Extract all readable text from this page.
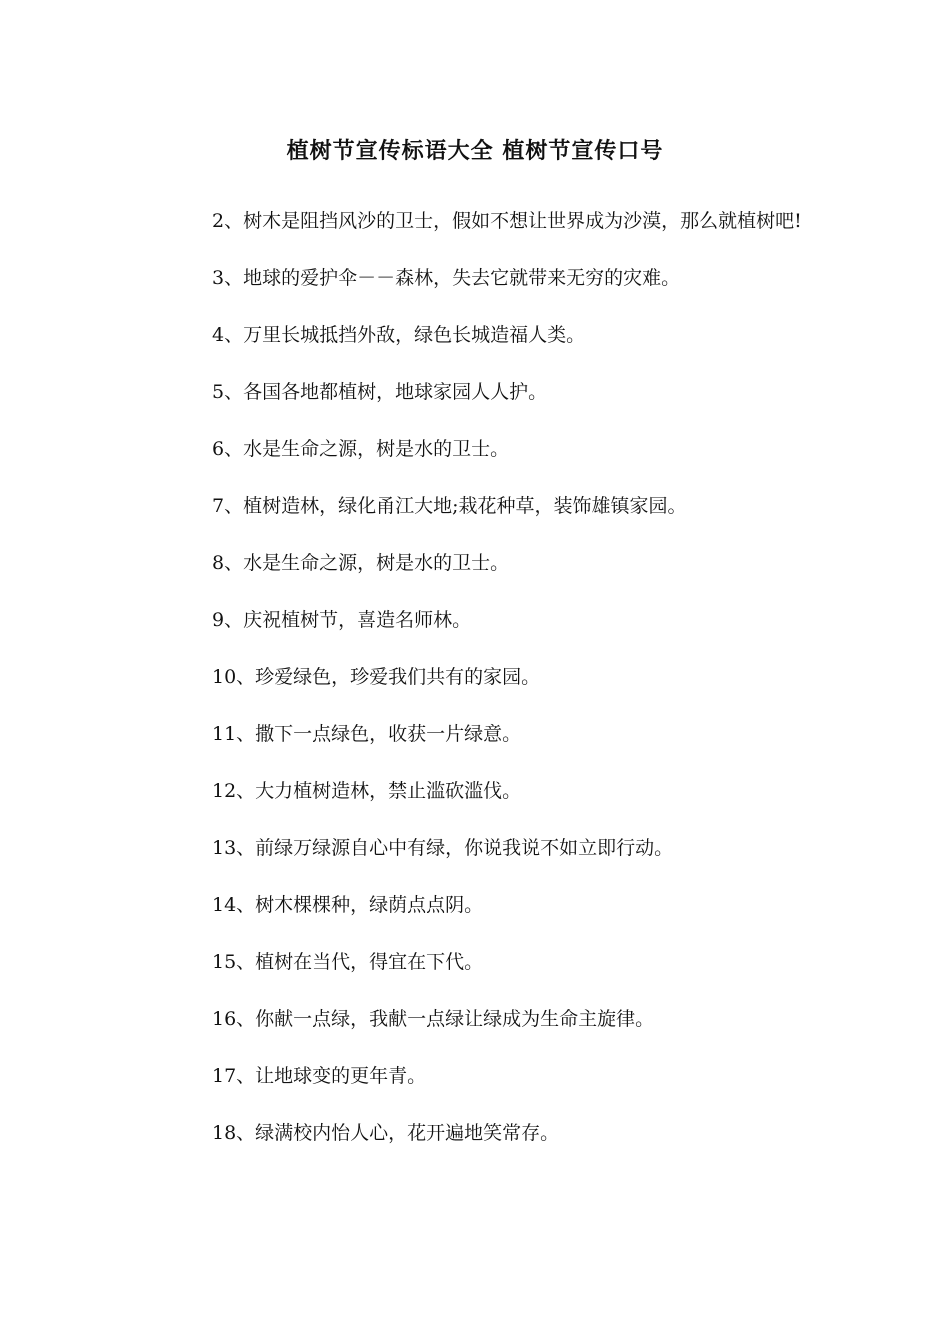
植树节宣传标语大全 植树节宣传口号

2、树木是阻挡风沙的卫士，假如不想让世界成为沙漠，那么就植树吧!

3、地球的爱护伞－－森林，失去它就带来无穷的灾难。

4、万里长城抵挡外敌，绿色长城造福人类。

5、各国各地都植树，地球家园人人护。

6、水是生命之源，树是水的卫士。

7、植树造林，绿化甬江大地;栽花种草，装饰雄镇家园。

8、水是生命之源，树是水的卫士。

9、庆祝植树节，喜造名师林。

10、珍爱绿色，珍爱我们共有的家园。

11、撒下一点绿色，收获一片绿意。

12、大力植树造林，禁止滥砍滥伐。

13、前绿万绿源自心中有绿，你说我说不如立即行动。

14、树木棵棵种，绿荫点点阴。

15、植树在当代，得宜在下代。

16、你献一点绿，我献一点绿让绿成为生命主旋律。

17、让地球变的更年青。

18、绿满校内怡人心，花开遍地笑常存。
